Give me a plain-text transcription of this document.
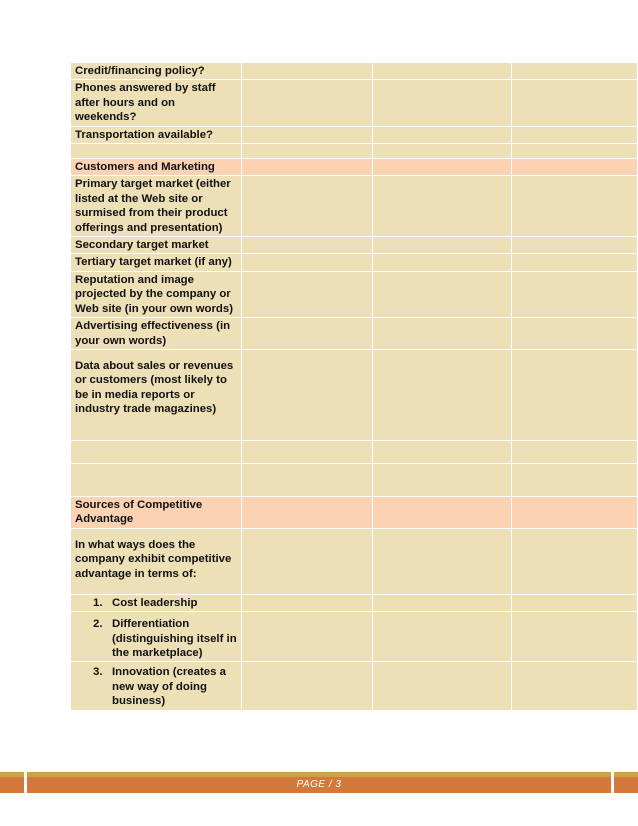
Credit/financing policy?			
Phones answered by staff after hours and on weekends?			
Transportation available?			

Customers and Marketing			
Primary target market (either listed at the Web site or surmised from their product offerings and presentation)			
Secondary target market			
Tertiary target market (if any)			
Reputation and image projected by the company or Web site (in your own words)			
Advertising effectiveness (in your own words)			
Data about sales or revenues or customers (most likely to be in media reports or industry trade magazines)			

Sources of Competitive Advantage			
In what ways does the company exhibit competitive advantage in terms of:			

1. Cost leadership			

2. Differentiation (distinguishing itself in the marketplace)			

3. Innovation (creates a new way of doing business)			

PAGE / 3
